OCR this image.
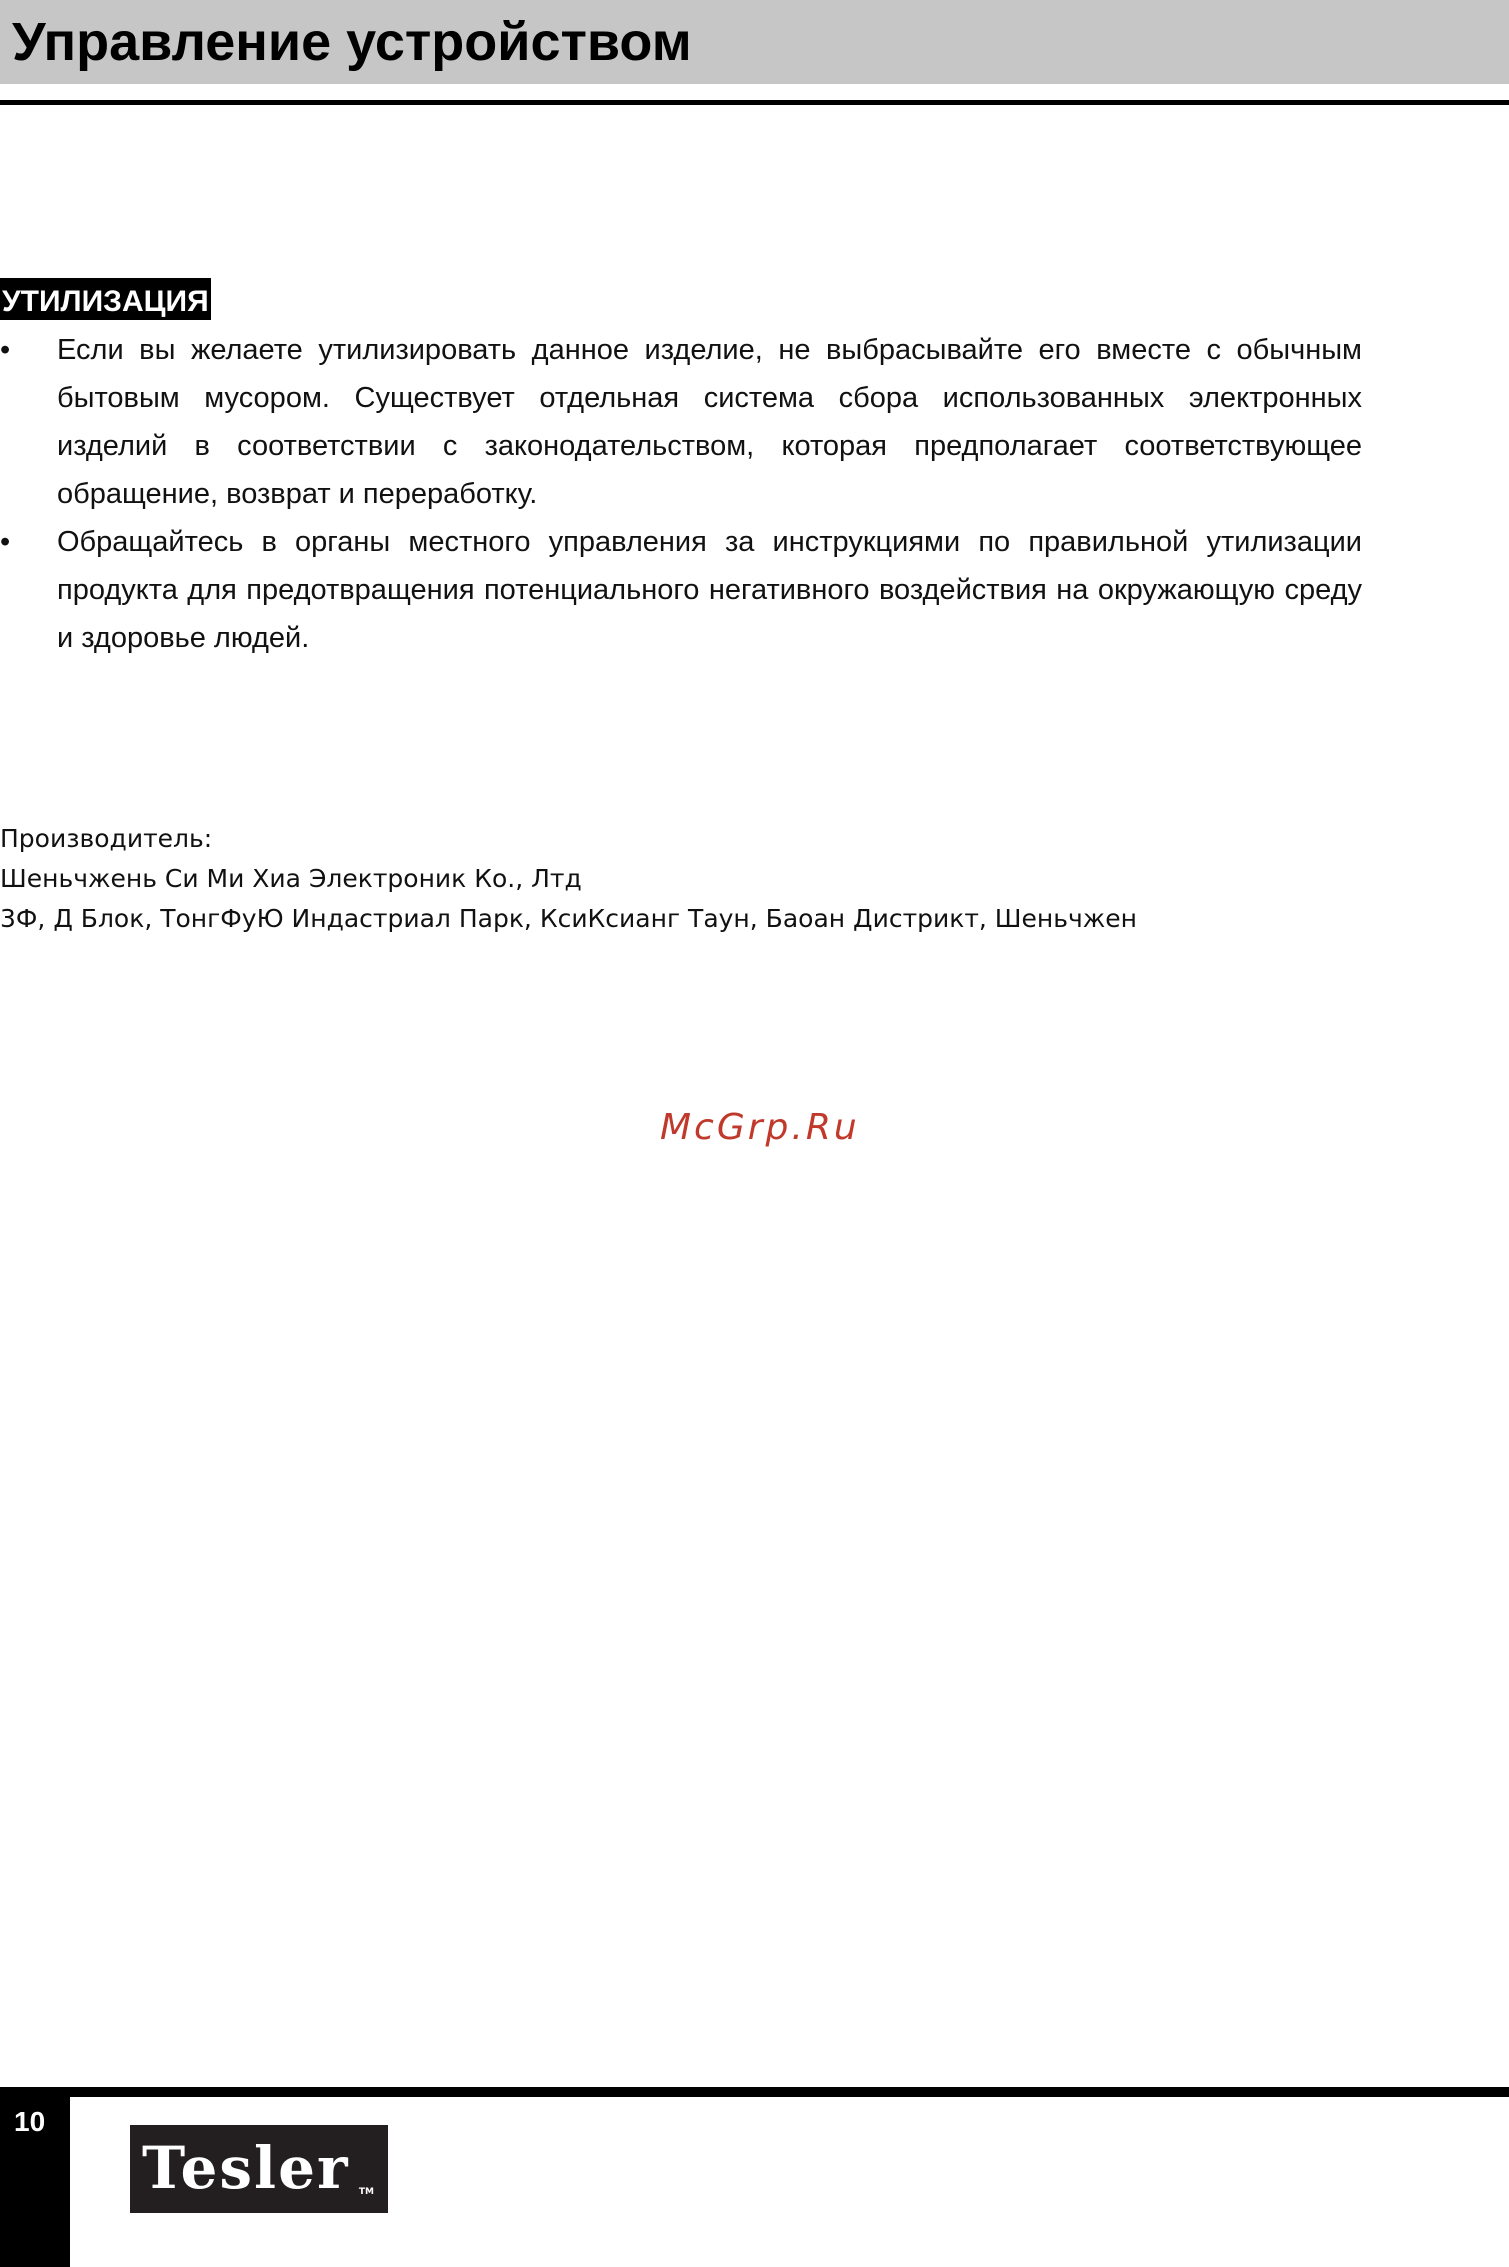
Управление устройством
УТИЛИЗАЦИЯ
• Если вы желаете утилизировать данное изделие, не выбрасывайте его вместе с обычным бытовым мусором. Существует отдельная система сбора использованных электронных изделий в соответствии с законодательством, которая предполагает соответствующее обращение, возврат и переработку.
• Обращайтесь в органы местного управления за инструкциями по правильной утилизации продукта для предотвращения потенциального негативного воздействия на окружающую среду и здоровье людей.
Производитель:
Шеньчжень Си Ми Хиа Электроник Ко., Лтд
3Ф, Д Блок, ТонгФуЮ Индастриал Парк, КсиКсианг Таун, Баоан Дистрикт, Шеньчжен
McGrp.Ru
10
Tesler TM
